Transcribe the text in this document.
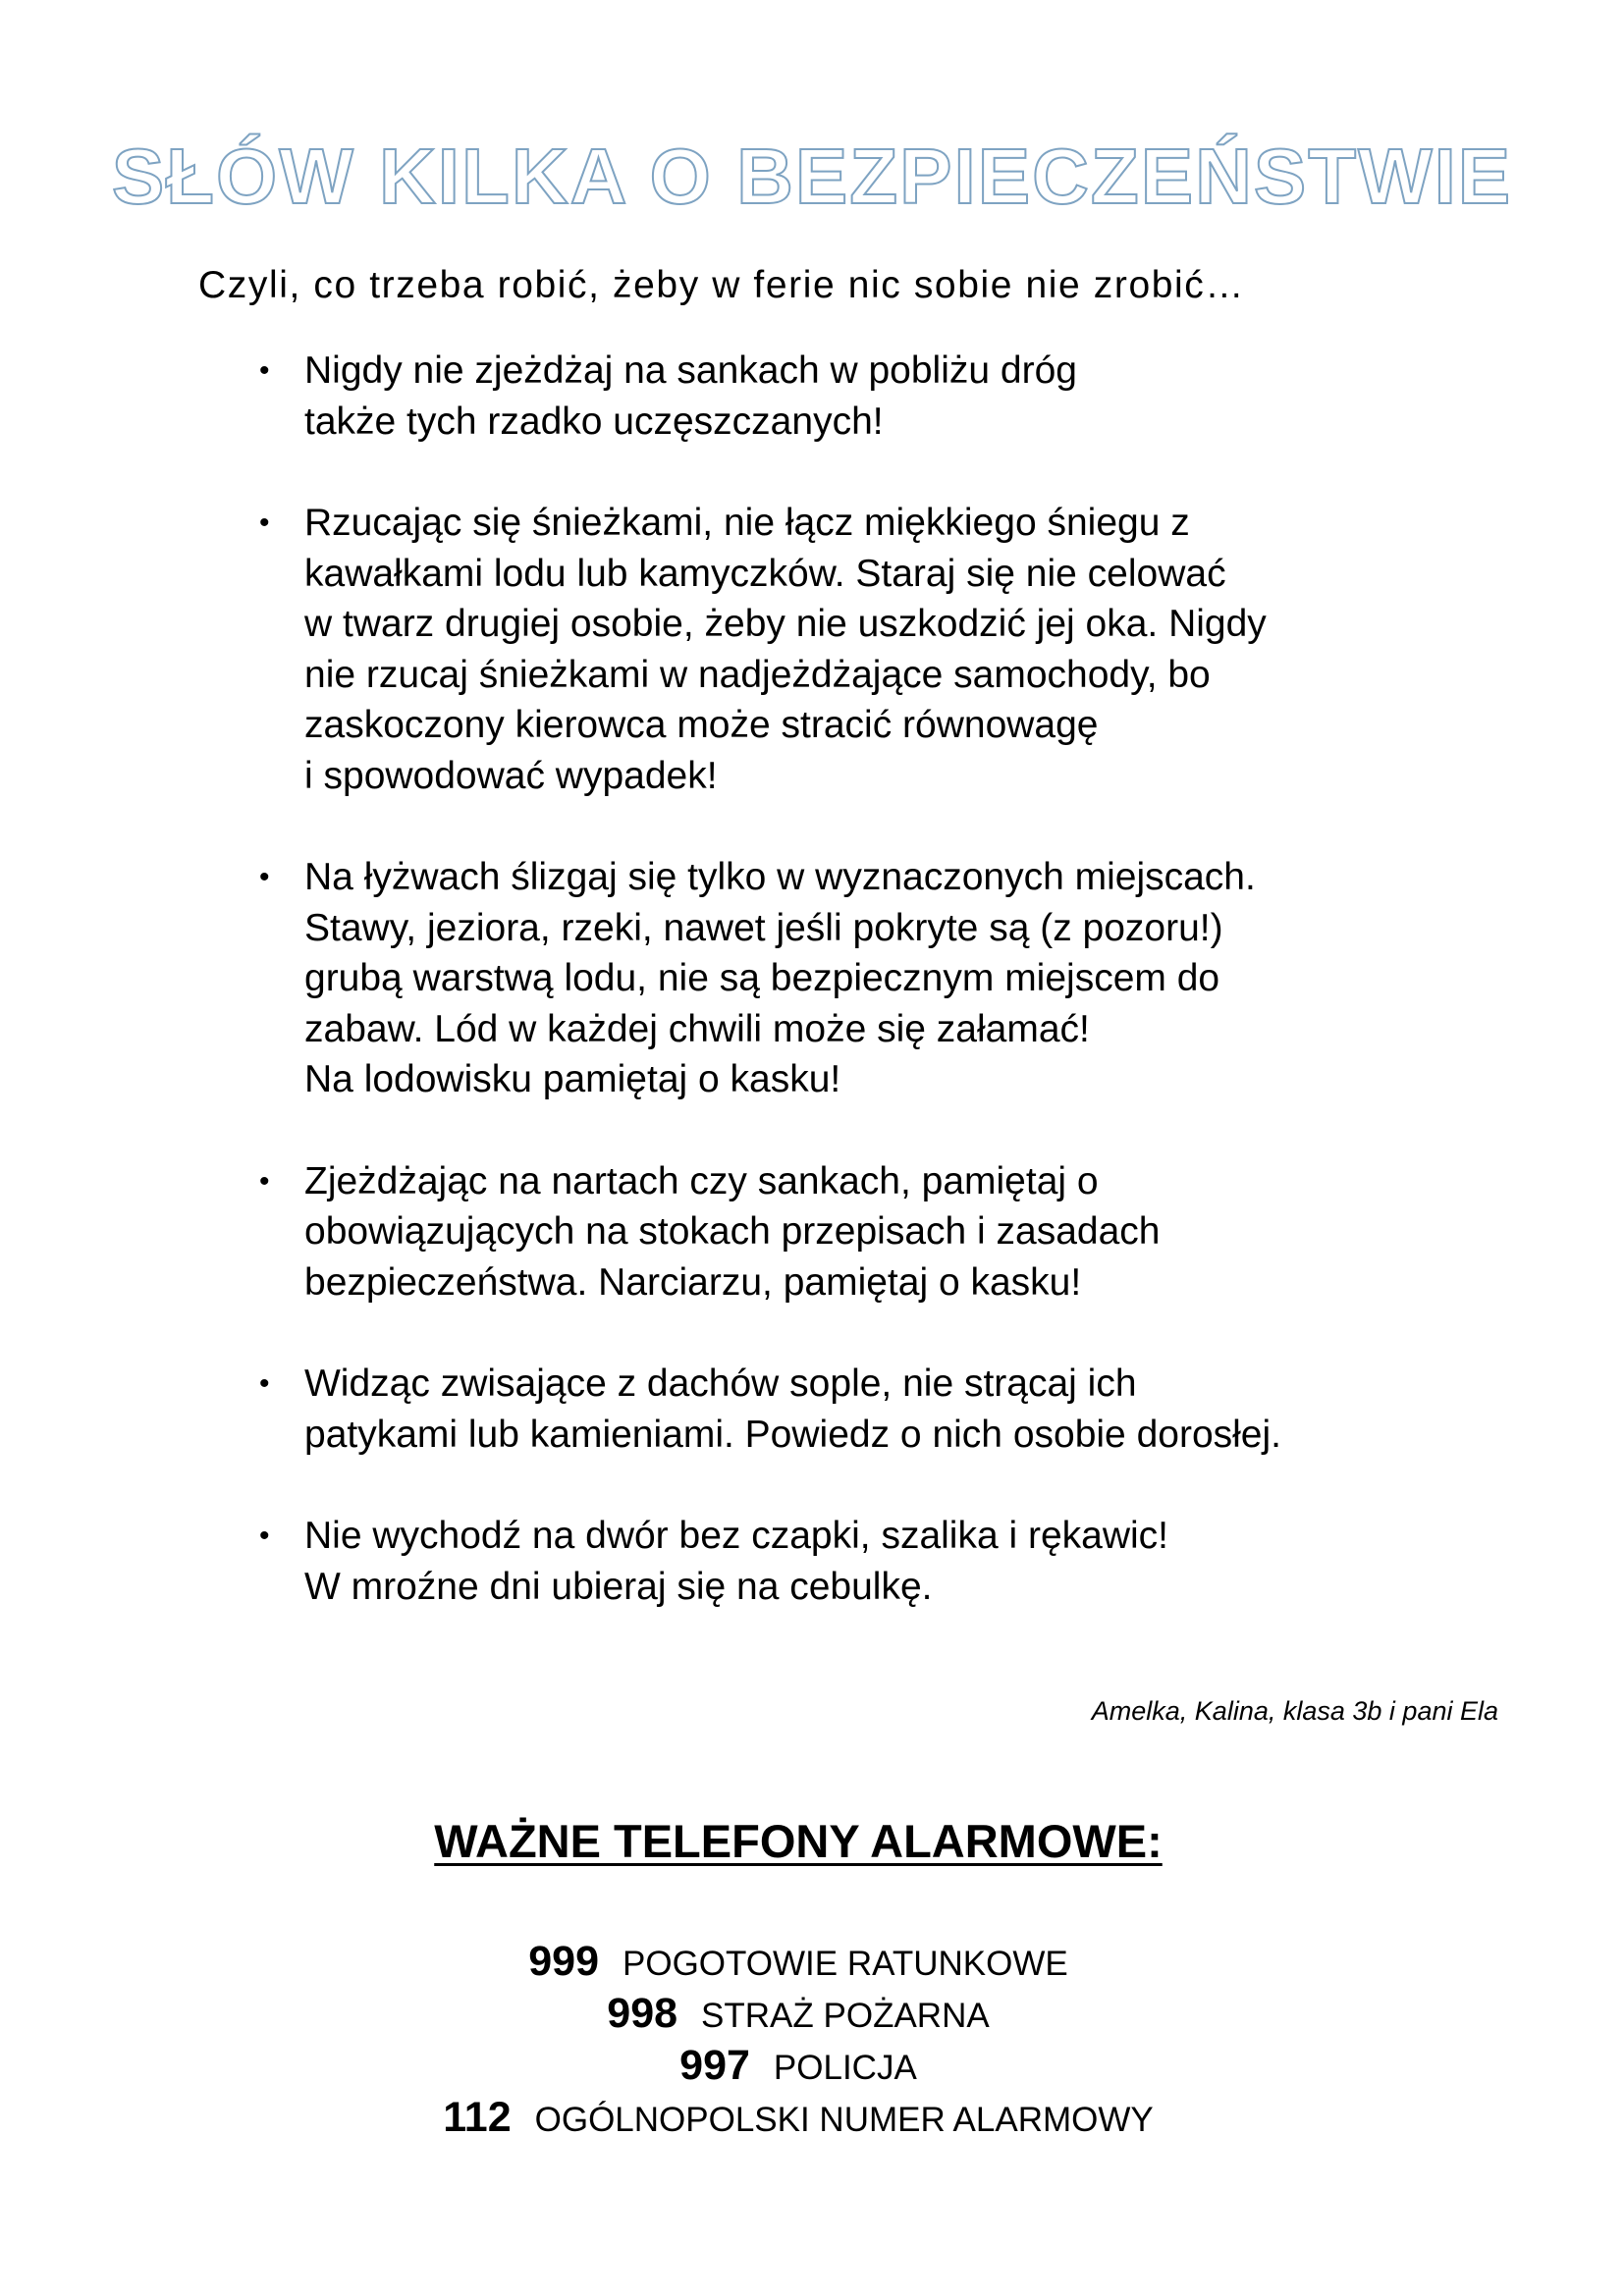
SŁÓW KILKA O BEZPIECZEŃSTWIE
Czyli, co trzeba robić, żeby w ferie nic sobie nie zrobić…
• Nigdy nie zjeżdżaj na sankach w pobliżu dróg
także tych rzadko uczęszczanych!
• Rzucając się śnieżkami, nie łącz miękkiego śniegu z
kawałkami lodu lub kamyczków. Staraj się nie celować
w twarz drugiej osobie, żeby nie uszkodzić jej oka. Nigdy
nie rzucaj śnieżkami w nadjeżdżające samochody, bo
zaskoczony kierowca może stracić równowagę
i spowodować wypadek!
• Na łyżwach ślizgaj się tylko w wyznaczonych miejscach.
Stawy, jeziora, rzeki, nawet jeśli pokryte są (z pozoru!)
grubą warstwą lodu, nie są bezpiecznym miejscem do
zabaw. Lód w każdej chwili może się załamać!
Na lodowisku pamiętaj o kasku!
• Zjeżdżając na nartach czy sankach, pamiętaj o
obowiązujących na stokach przepisach i zasadach
bezpieczeństwa. Narciarzu, pamiętaj o kasku!
• Widząc zwisające z dachów sople, nie strącaj ich
patykami lub kamieniami. Powiedz o nich osobie dorosłej.
• Nie wychodź na dwór bez czapki, szalika i rękawic!
W mroźne dni ubieraj się na cebulkę.
Amelka, Kalina, klasa 3b i pani Ela
WAŻNE TELEFONY ALARMOWE:
999 POGOTOWIE RATUNKOWE
998 STRAŻ POŻARNA
997 POLICJA
112 OGÓLNOPOLSKI NUMER ALARMOWY
